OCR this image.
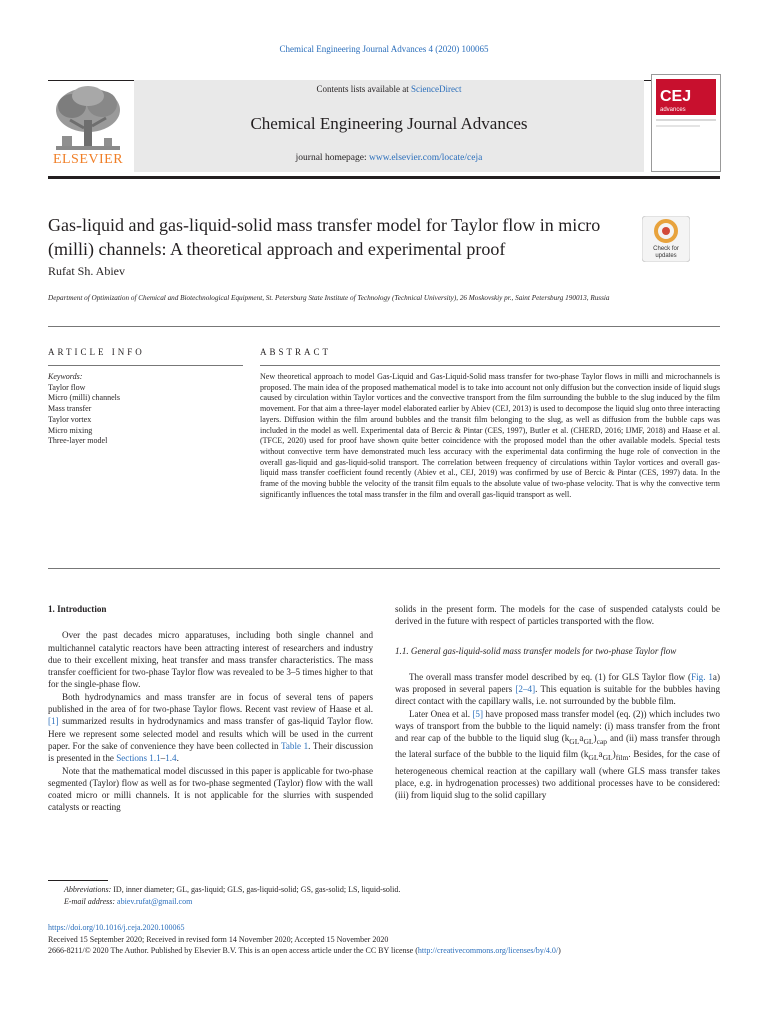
Chemical Engineering Journal Advances 4 (2020) 100065
Contents lists available at ScienceDirect
Chemical Engineering Journal Advances
journal homepage: www.elsevier.com/locate/ceja
ELSEVIER
CEJ
advances
Gas-liquid and gas-liquid-solid mass transfer model for Taylor flow in micro (milli) channels: A theoretical approach and experimental proof	Check for
updates
Rufat Sh. Abiev
Department of Optimization of Chemical and Biotechnological Equipment, St. Petersburg State Institute of Technology (Technical University), 26 Moskovskiy pr., Saint Petersburg 190013, Russia
ARTICLE INFO	ABSTRACT
Keywords:
Taylor flow
Micro (milli) channels
Mass transfer
Taylor vortex
Micro mixing
Three-layer model
New theoretical approach to model Gas-Liquid and Gas-Liquid-Solid mass transfer for two-phase Taylor flows in milli and microchannels is proposed. The main idea of the proposed mathematical model is to take into account not only diffusion but the convection inside of liquid slugs caused by circulation within Taylor vortices and the convective transport from the film surrounding the bubble to the slug induced by the film movement. For that aim a three-layer model elaborated earlier by Abiev (CEJ, 2013) is used to decompose the liquid slug onto three interacting layers. Diffusion within the film around bubbles and the transit film belonging to the slug, as well as diffusion from the bubble caps was included in the model as well. Experimental data of Bercic & Pintar (CES, 1997), Butler et al. (CHERD, 2016; IJMF, 2018) and Haase et al. (TFCE, 2020) used for proof have shown quite better coincidence with the proposed model than the other available models. Special tests without convective term have demonstrated much less accuracy with the experimental data confirming the huge role of convection in the overall gas-liquid and gas-liquid-solid transport. The correlation between frequency of circulations within Taylor vortices and overall gas-liquid mass transfer coefficient found recently (Abiev et al., CEJ, 2019) was confirmed by use of Bercic & Pintar (CES, 1997) data. In the frame of the moving bubble the velocity of the transit film equals to the absolute value of two-phase velocity. That is why the convective term significantly influences the total mass transfer in the film and overall gas-liquid transport as well.

1. Introduction

Over the past decades micro apparatuses, including both single channel and multichannel catalytic reactors have been attracting interest of researchers and industry due to their excellent mixing, heat transfer and mass transfer characteristics. The mass transfer coefficient for two-phase Taylor flow was revealed to be 3–5 times higher to that for the single-phase flow.

Both hydrodynamics and mass transfer are in focus of several tens of papers published in the area of for two-phase Taylor flows. Recent vast review of Haase et al. [1] summarized results in hydrodynamics and mass transfer of gas-liquid Taylor flow. Here we represent some selected model and results which will be used in the current paper. For the sake of convenience they have been collected in Table 1. Their discussion is presented in the Sections 1.1–1.4.

Note that the mathematical model discussed in this paper is applicable for two-phase segmented (Taylor) flow as well as for two-phase segmented (Taylor) flow with the wall coated micro or milli channels. It is not applicable for the slurries with suspended catalysts or reacting

solids in the present form. The models for the case of suspended catalysts could be derived in the future with respect of particles transported with the flow.

1.1. General gas-liquid-solid mass transfer models for two-phase Taylor flow

The overall mass transfer model described by eq. (1) for GLS Taylor flow (Fig. 1a) was proposed in several papers [2–4]. This equation is suitable for the bubbles having direct contact with the capillary walls, i.e. not surrounded by the bubble film.

Later Onea et al. [5] have proposed mass transfer model (eq. (2)) which includes two ways of transport from the bubble to the liquid namely: (i) mass transfer from the front and rear cap of the bubble to the liquid slug $(k_{GL}a_{GL})_{cap}$ and (ii) mass transfer through the lateral surface of the bubble to the liquid film $(k_{GL}a_{GL})_{film}$. Besides, for the case of heterogeneous chemical reaction at the capillary wall (where GLS mass transfer takes place, e.g. in hydrogenation processes) two additional processes have to be considered: (iii) from liquid slug to the solid capillary

Abbreviations: ID, inner diameter; GL, gas-liquid; GLS, gas-liquid-solid; GS, gas-solid; LS, liquid-solid.
E-mail address: abiev.rufat@gmail.com
https://doi.org/10.1016/j.ceja.2020.100065
Received 15 September 2020; Received in revised form 14 November 2020; Accepted 15 November 2020
2666-8211/© 2020 The Author. Published by Elsevier B.V. This is an open access article under the CC BY license (http://creativecommons.org/licenses/by/4.0/)
